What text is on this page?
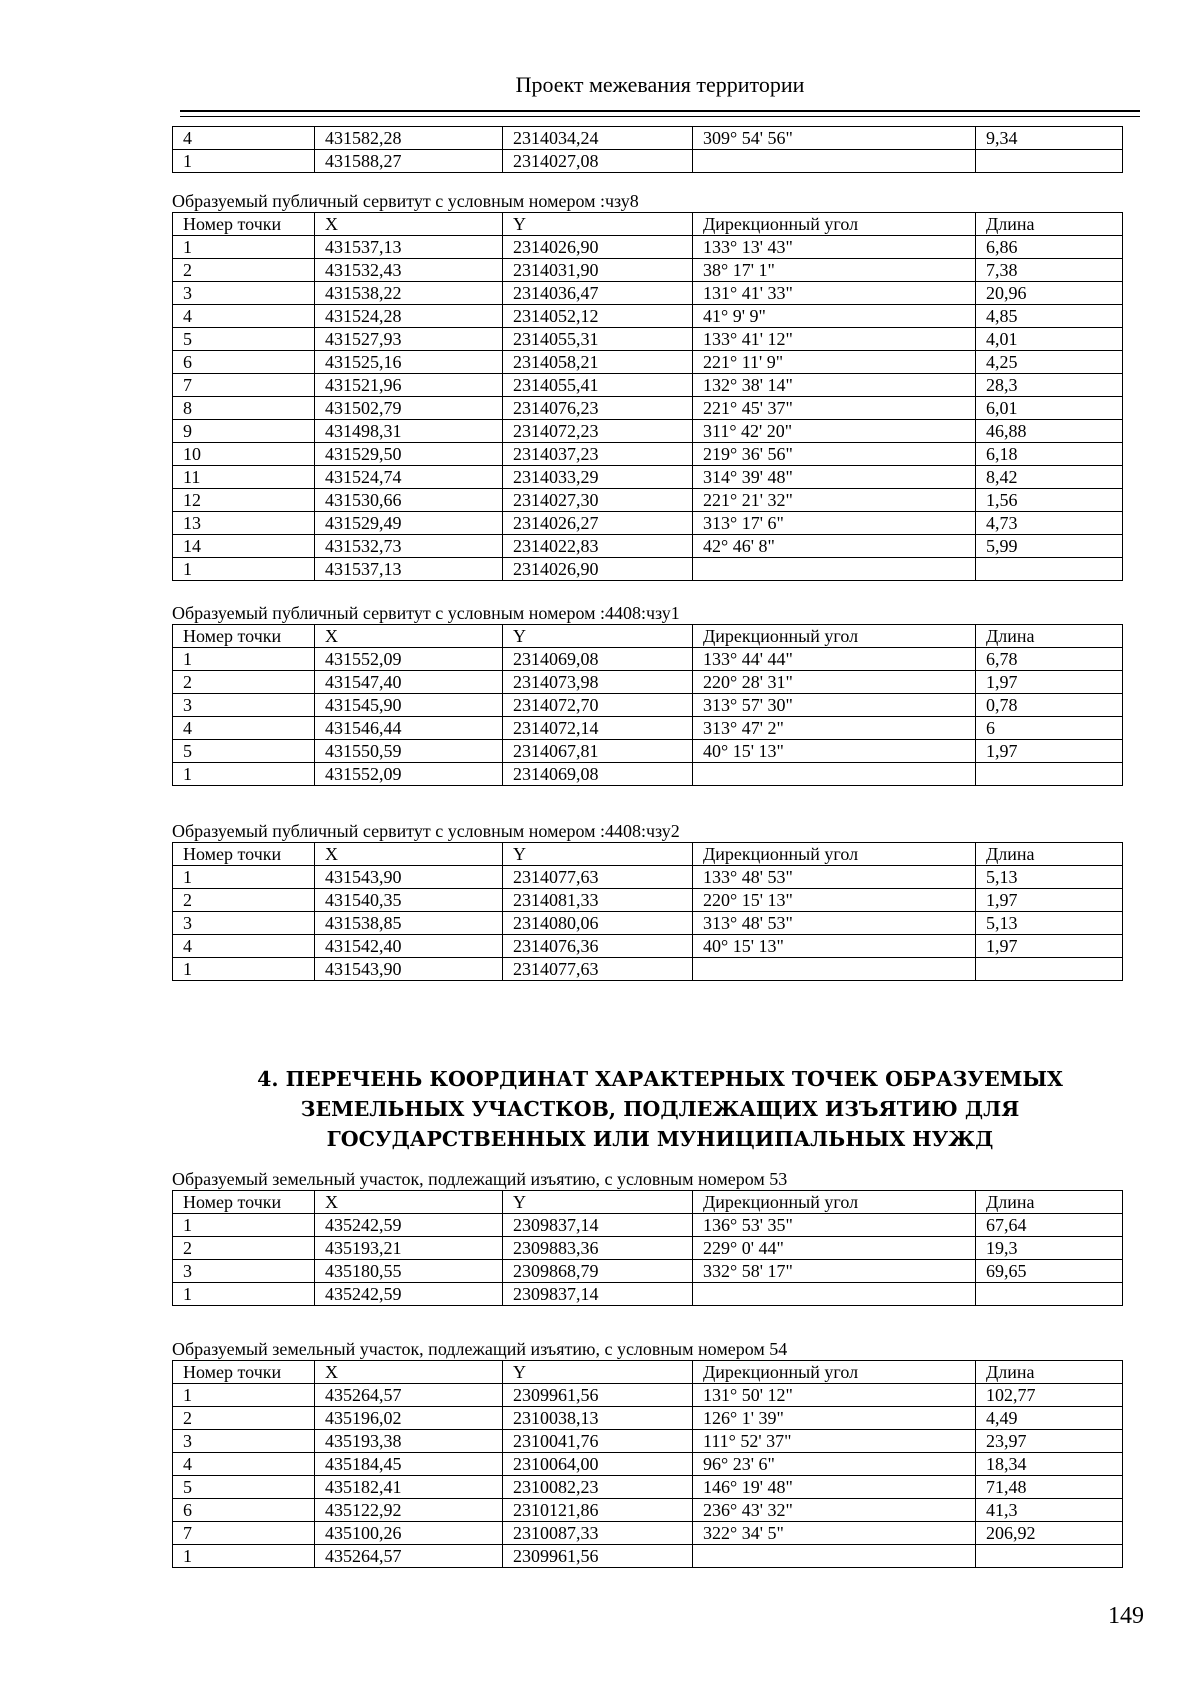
Проект межевания территории
4	431582,28	2314034,24	309° 54' 56"	9,34
1	431588,27	2314027,08		
Образуемый публичный сервитут с условным номером :чзу8
Номер точки	X	Y	Дирекционный угол	Длина
1	431537,13	2314026,90	133° 13' 43"	6,86
2	431532,43	2314031,90	38° 17' 1"	7,38
3	431538,22	2314036,47	131° 41' 33"	20,96
4	431524,28	2314052,12	41° 9' 9"	4,85
5	431527,93	2314055,31	133° 41' 12"	4,01
6	431525,16	2314058,21	221° 11' 9"	4,25
7	431521,96	2314055,41	132° 38' 14"	28,3
8	431502,79	2314076,23	221° 45' 37"	6,01
9	431498,31	2314072,23	311° 42' 20"	46,88
10	431529,50	2314037,23	219° 36' 56"	6,18
11	431524,74	2314033,29	314° 39' 48"	8,42
12	431530,66	2314027,30	221° 21' 32"	1,56
13	431529,49	2314026,27	313° 17' 6"	4,73
14	431532,73	2314022,83	42° 46' 8"	5,99
1	431537,13	2314026,90		
Образуемый публичный сервитут с условным номером :4408:чзу1
Номер точки	X	Y	Дирекционный угол	Длина
1	431552,09	2314069,08	133° 44' 44"	6,78
2	431547,40	2314073,98	220° 28' 31"	1,97
3	431545,90	2314072,70	313° 57' 30"	0,78
4	431546,44	2314072,14	313° 47' 2"	6
5	431550,59	2314067,81	40° 15' 13"	1,97
1	431552,09	2314069,08		
Образуемый публичный сервитут с условным номером :4408:чзу2
Номер точки	X	Y	Дирекционный угол	Длина
1	431543,90	2314077,63	133° 48' 53"	5,13
2	431540,35	2314081,33	220° 15' 13"	1,97
3	431538,85	2314080,06	313° 48' 53"	5,13
4	431542,40	2314076,36	40° 15' 13"	1,97
1	431543,90	2314077,63		
4. ПЕРЕЧЕНЬ КООРДИНАТ ХАРАКТЕРНЫХ ТОЧЕК ОБРАЗУЕМЫХ
ЗЕМЕЛЬНЫХ УЧАСТКОВ, ПОДЛЕЖАЩИХ ИЗЪЯТИЮ ДЛЯ
ГОСУДАРСТВЕННЫХ ИЛИ МУНИЦИПАЛЬНЫХ НУЖД
Образуемый земельный участок, подлежащий изъятию, с условным номером 53
Номер точки	X	Y	Дирекционный угол	Длина
1	435242,59	2309837,14	136° 53' 35"	67,64
2	435193,21	2309883,36	229° 0' 44"	19,3
3	435180,55	2309868,79	332° 58' 17"	69,65
1	435242,59	2309837,14		
Образуемый земельный участок, подлежащий изъятию, с условным номером 54
Номер точки	X	Y	Дирекционный угол	Длина
1	435264,57	2309961,56	131° 50' 12"	102,77
2	435196,02	2310038,13	126° 1' 39"	4,49
3	435193,38	2310041,76	111° 52' 37"	23,97
4	435184,45	2310064,00	96° 23' 6"	18,34
5	435182,41	2310082,23	146° 19' 48"	71,48
6	435122,92	2310121,86	236° 43' 32"	41,3
7	435100,26	2310087,33	322° 34' 5"	206,92
1	435264,57	2309961,56		
149
